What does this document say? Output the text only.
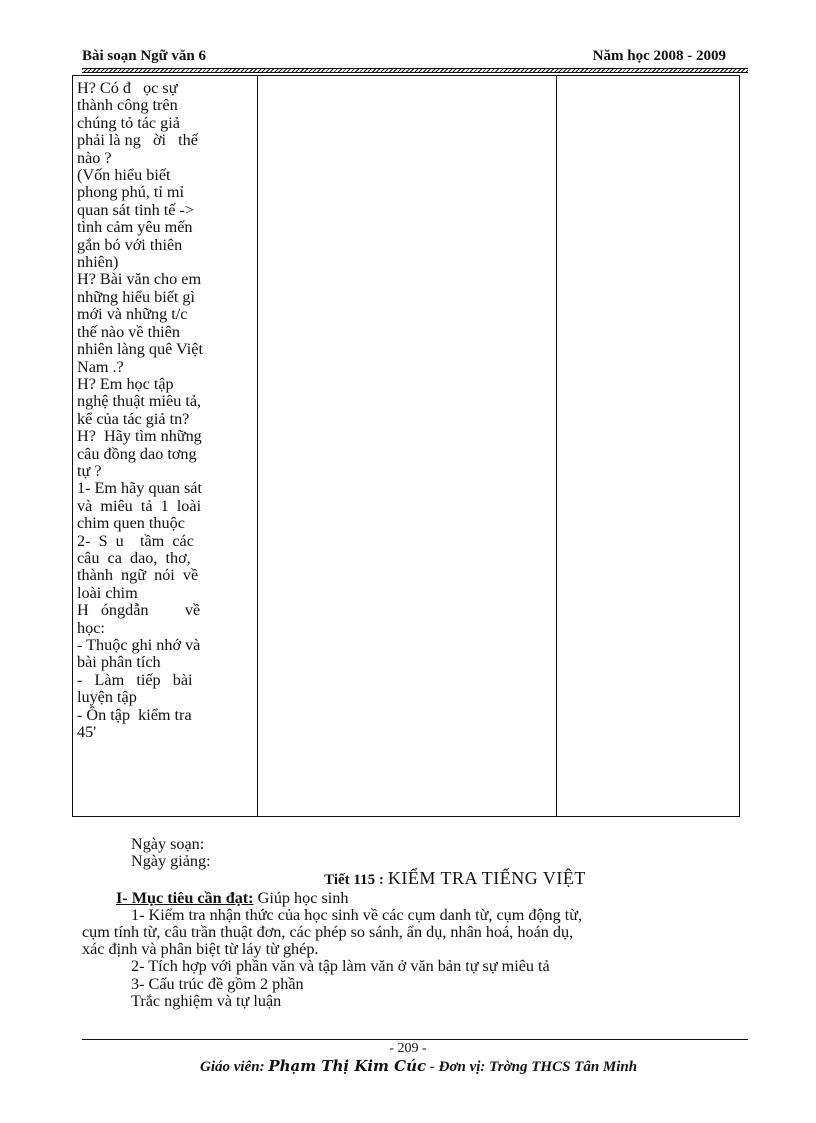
Bài soạn Ngữ văn 6	Năm học 2008 - 2009
H? Có đ   ọc sự
thành công trên
chúng tỏ tác giả
phải là ng   ời   thế
nào ?
(Vốn hiểu biết
phong phú, tỉ mỉ
quan sát tinh tế ->
tình cảm yêu mến
gắn bó với thiên
nhiên)
H? Bài văn cho em
những hiểu biết gì
mới và những t/c
thế nào về thiên
nhiên làng quê Việt
Nam .?
H? Em học tập
nghệ thuật miêu tả,
kể của tác giả tn?
H?  Hãy tìm những
câu đồng dao tơng
tự ?
1- Em hãy quan sát
và  miêu  tả  1  loài
chim quen thuộc
2-  S  u    tầm  các
câu  ca  dao,  thơ,
thành  ngữ  nói  về
loài chim
H   óngdẫn         về
học:
- Thuộc ghi nhớ và
bài phân tích
-   Làm   tiếp   bài
luyện tập
- Ôn tập  kiểm tra
45'

Ngày soạn:
Ngày giảng:
Tiết 115 : KIỂM TRA TIẾNG VIỆT
I- Mục tiêu cần đạt: Giúp học sinh
1- Kiểm tra nhận thức của học sinh về các cụm danh từ, cụm động từ,
cụm tính từ, câu trần thuật đơn, các phép so sánh, ẩn dụ, nhân hoá, hoán dụ,
xác định và phân biệt từ láy từ ghép.
2- Tích hợp với phần văn và tập làm văn ở văn bản tự sự miêu tả
3- Cấu trúc đề gồm 2 phần
Trắc nghiệm và tự luận
- 209 -
Giáo viên: Phạm Thị Kim Cúc - Đơn vị: Trờng THCS Tân Minh
